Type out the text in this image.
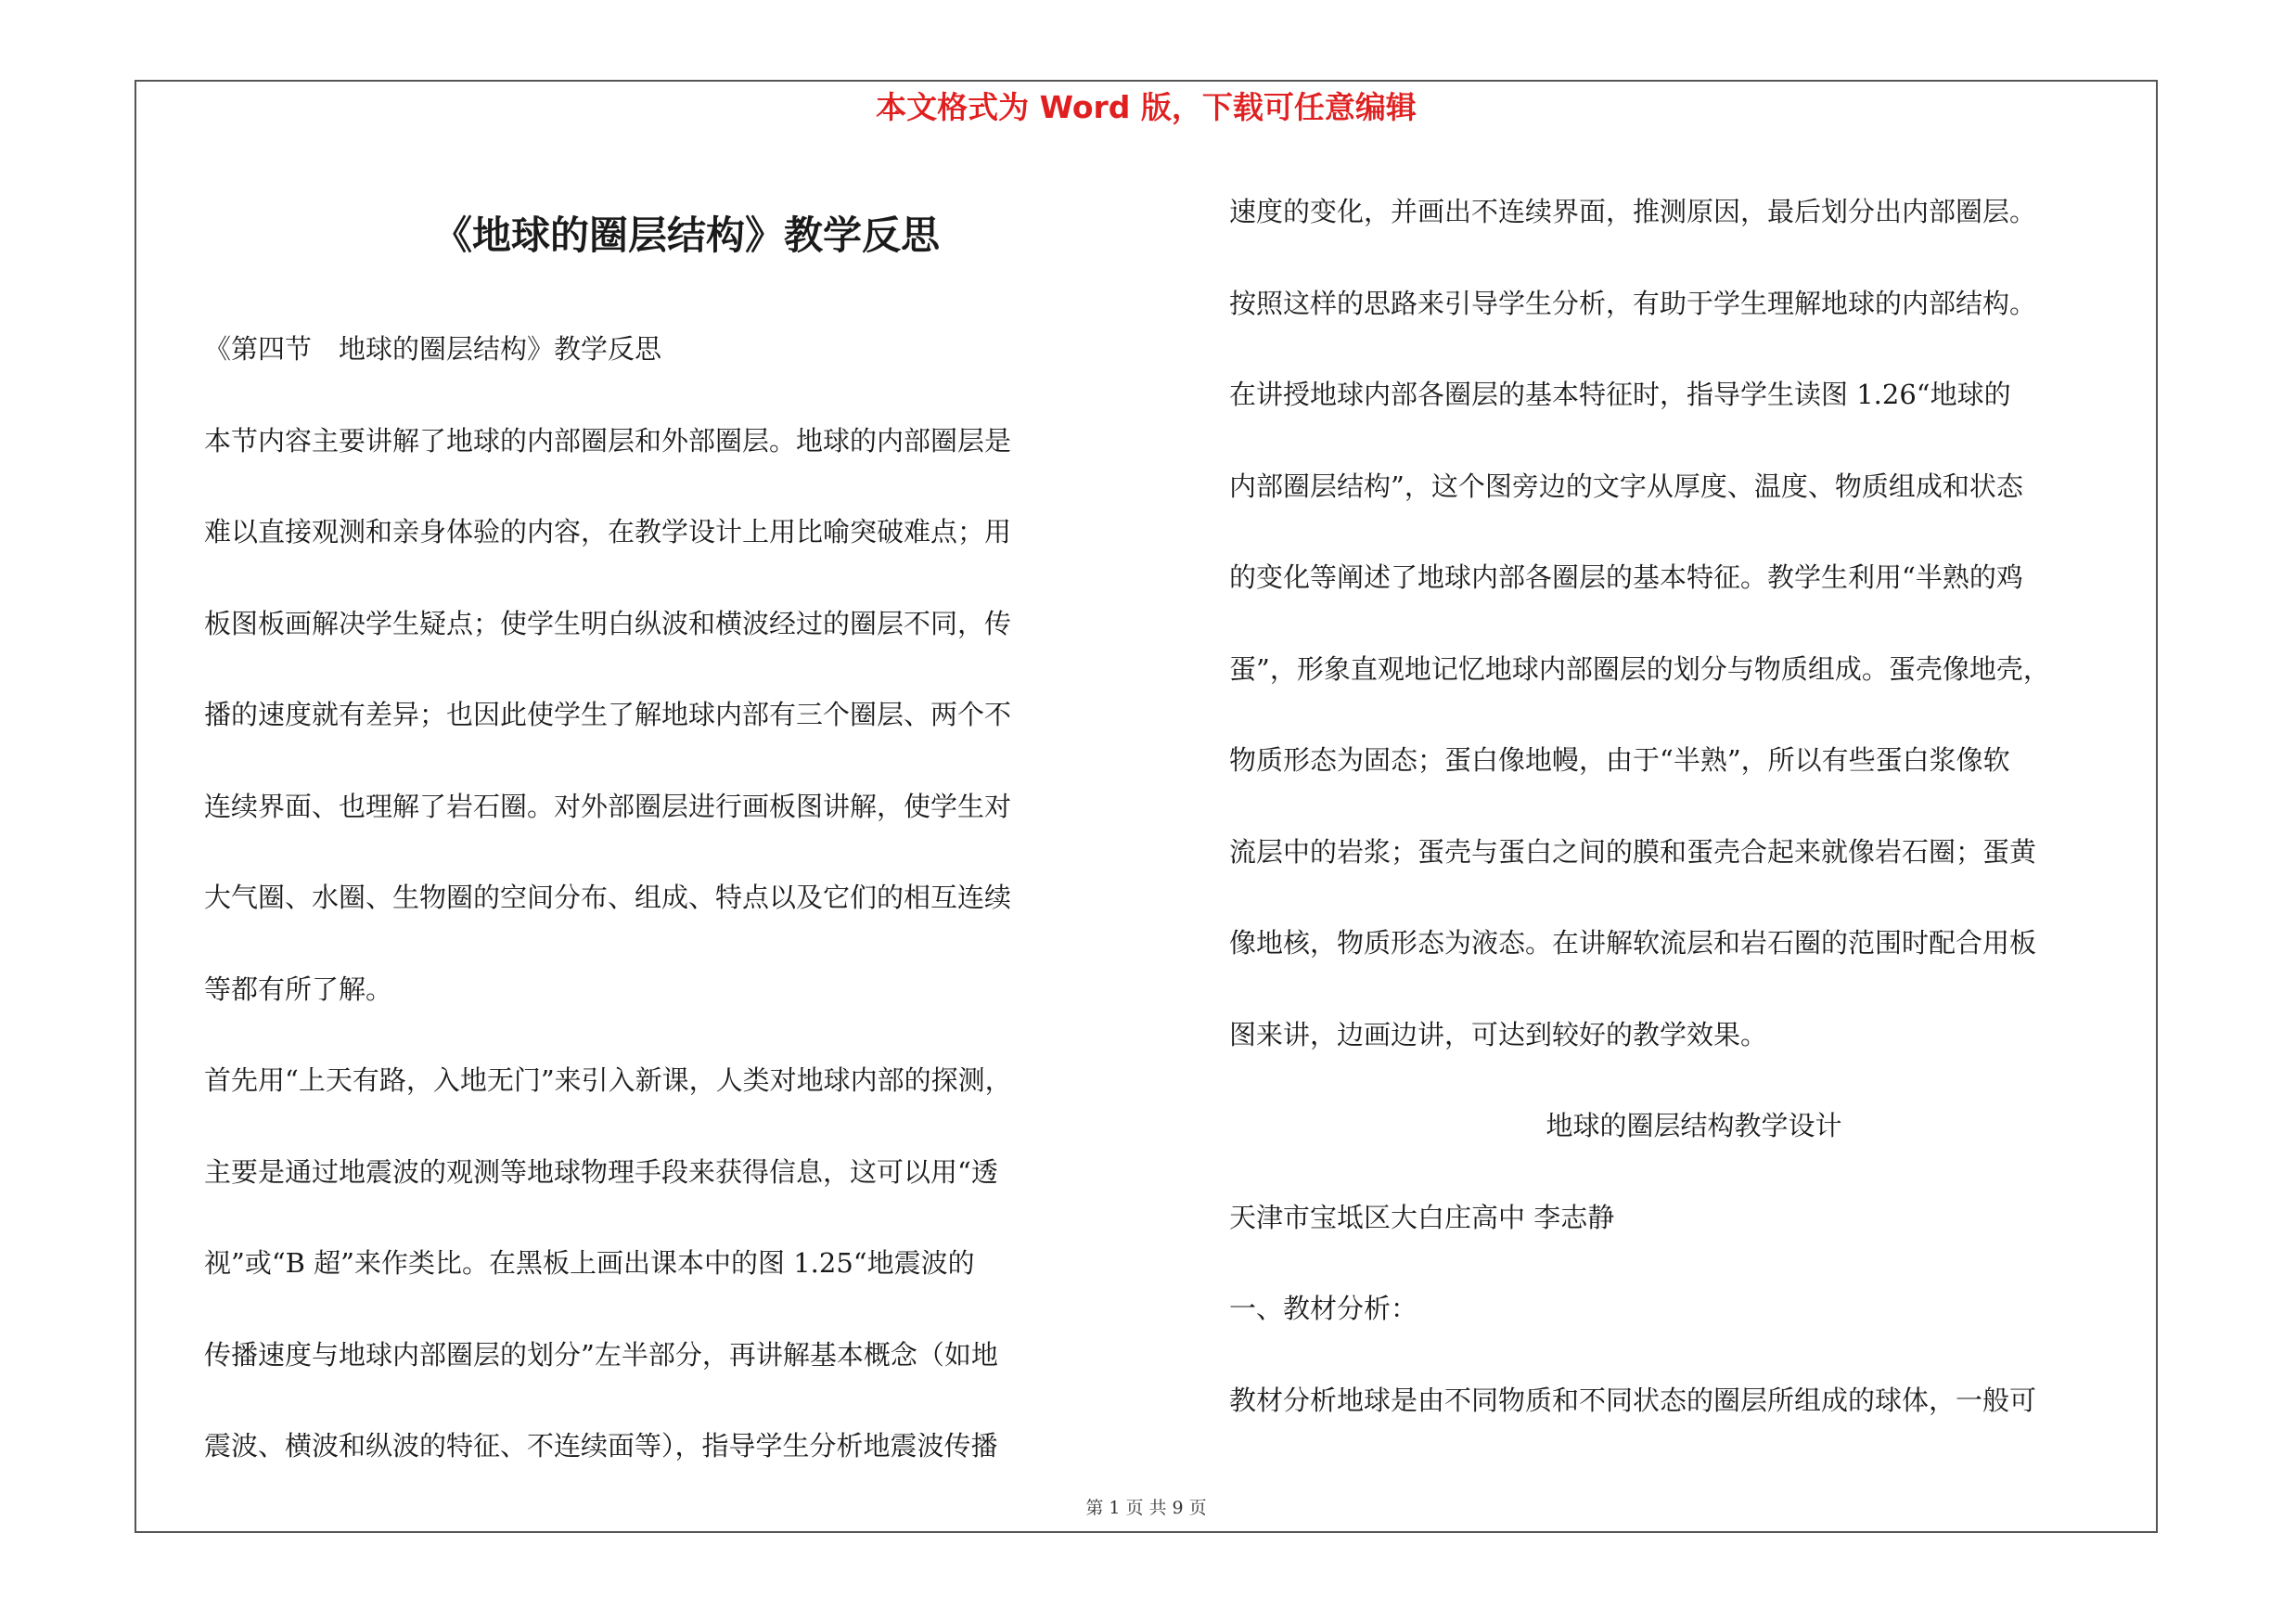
本文格式为 Word 版，下载可任意编辑
《地球的圈层结构》教学反思
《第四节　地球的圈层结构》教学反思
本节内容主要讲解了地球的内部圈层和外部圈层。地球的内部圈层是
难以直接观测和亲身体验的内容，在教学设计上用比喻突破难点；用
板图板画解决学生疑点；使学生明白纵波和横波经过的圈层不同，传
播的速度就有差异；也因此使学生了解地球内部有三个圈层、两个不
连续界面、也理解了岩石圈。对外部圈层进行画板图讲解，使学生对
大气圈、水圈、生物圈的空间分布、组成、特点以及它们的相互连续
等都有所了解。
首先用“上天有路，入地无门”来引入新课，人类对地球内部的探测，
主要是通过地震波的观测等地球物理手段来获得信息，这可以用“透
视”或“B 超”来作类比。在黑板上画出课本中的图 1.25“地震波的
传播速度与地球内部圈层的划分”左半部分，再讲解基本概念（如地
震波、横波和纵波的特征、不连续面等），指导学生分析地震波传播
速度的变化，并画出不连续界面，推测原因，最后划分出内部圈层。
按照这样的思路来引导学生分析，有助于学生理解地球的内部结构。
在讲授地球内部各圈层的基本特征时，指导学生读图 1.26“地球的
内部圈层结构”，这个图旁边的文字从厚度、温度、物质组成和状态
的变化等阐述了地球内部各圈层的基本特征。教学生利用“半熟的鸡
蛋”，形象直观地记忆地球内部圈层的划分与物质组成。蛋壳像地壳，
物质形态为固态；蛋白像地幔，由于“半熟”，所以有些蛋白浆像软
流层中的岩浆；蛋壳与蛋白之间的膜和蛋壳合起来就像岩石圈；蛋黄
像地核，物质形态为液态。在讲解软流层和岩石圈的范围时配合用板
图来讲，边画边讲，可达到较好的教学效果。
地球的圈层结构教学设计
天津市宝坻区大白庄高中 李志静
一、教材分析：
教材分析地球是由不同物质和不同状态的圈层所组成的球体，一般可
第 1 页 共 9 页
